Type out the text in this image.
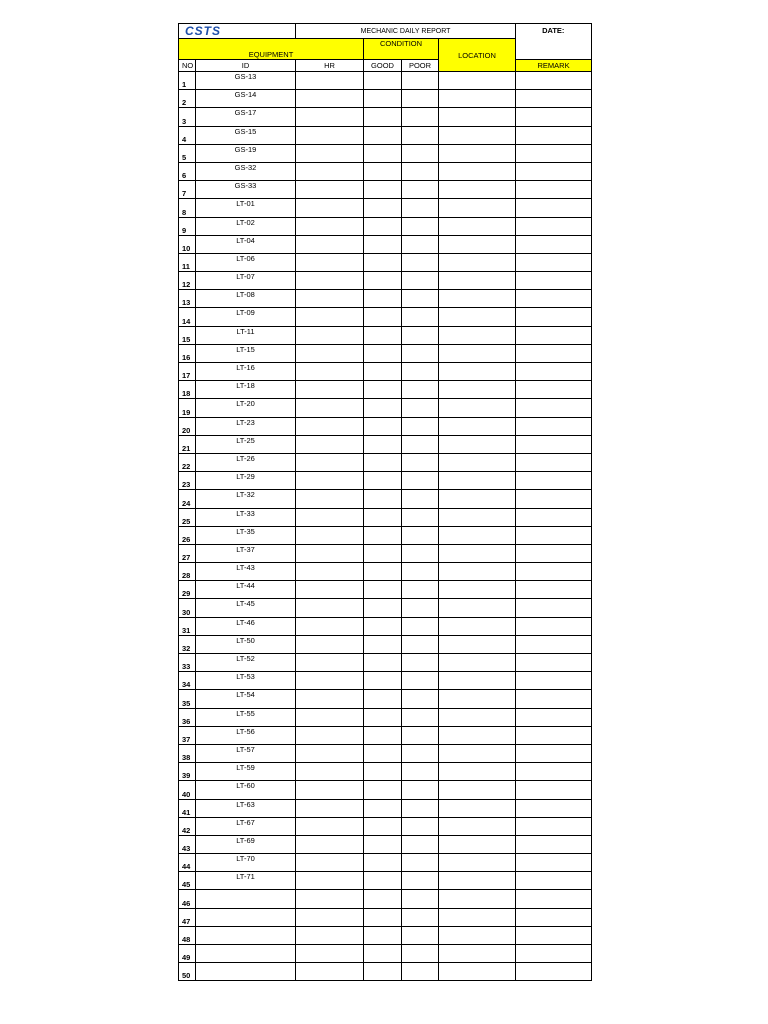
CSTS		MECHANIC DAILY REPORT				DATE:
EQUIPMENT			CONDITION		LOCATION	
NO	ID	HR	GOOD	POOR		REMARK
1	GS-13					
2	GS-14					
3	GS-17					
4	GS-15					
5	GS-19					
6	GS-32					
7	GS-33					
8	LT-01					
9	LT-02					
10	LT-04					
11	LT-06					
12	LT-07					
13	LT-08					
14	LT-09					
15	LT-11					
16	LT-15					
17	LT-16					
18	LT-18					
19	LT-20					
20	LT-23					
21	LT-25					
22	LT-26					
23	LT-29					
24	LT-32					
25	LT-33					
26	LT-35					
27	LT-37					
28	LT-43					
29	LT-44					
30	LT-45					
31	LT-46					
32	LT-50					
33	LT-52					
34	LT-53					
35	LT-54					
36	LT-55					
37	LT-56					
38	LT-57					
39	LT-59					
40	LT-60					
41	LT-63					
42	LT-67					
43	LT-69					
44	LT-70					
45	LT-71					
46						
47						
48						
49						
50						
